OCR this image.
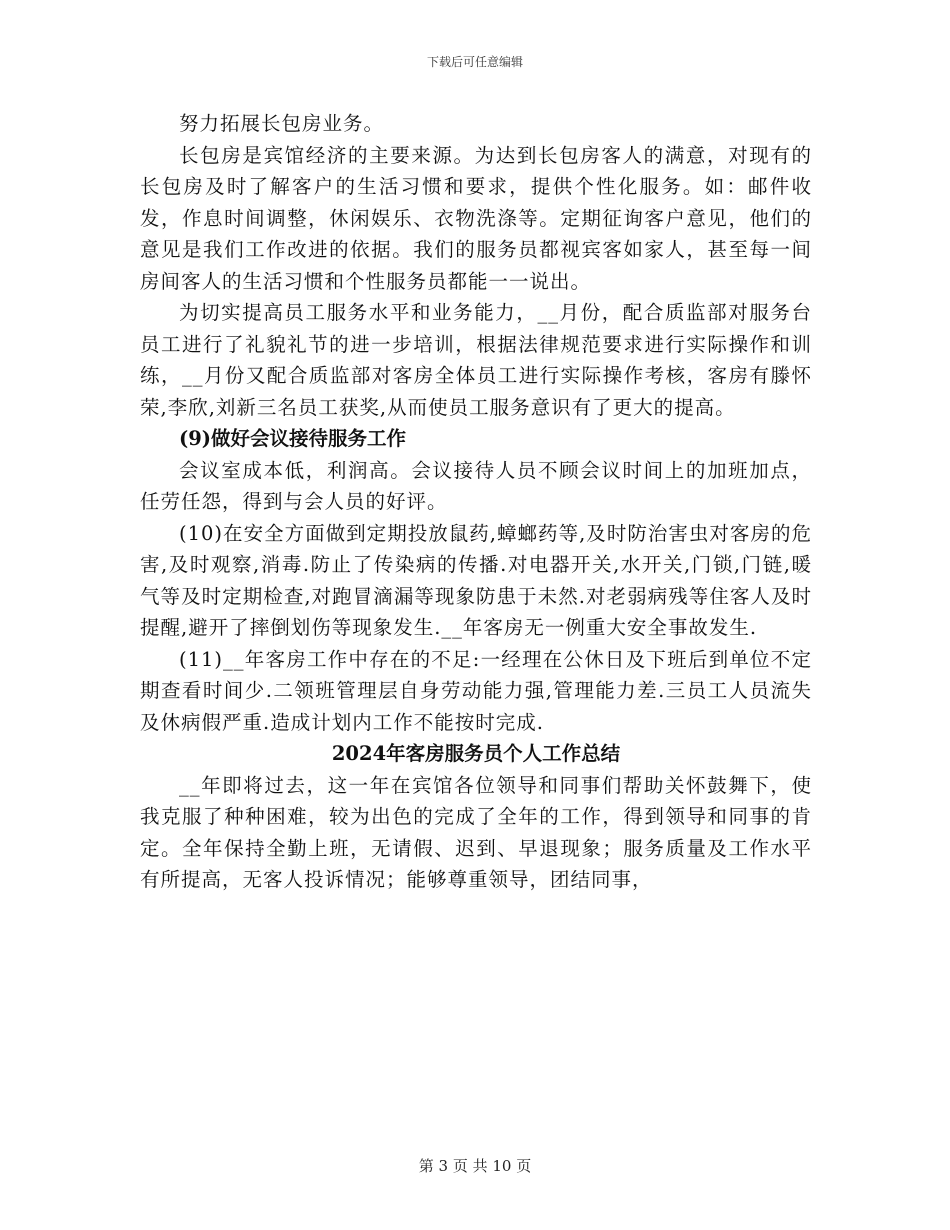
下载后可任意编辑

努力拓展长包房业务。

长包房是宾馆经济的主要来源。为达到长包房客人的满意，对现有的长包房及时了解客户的生活习惯和要求，提供个性化服务。如：邮件收发，作息时间调整，休闲娱乐、衣物洗涤等。定期征询客户意见，他们的意见是我们工作改进的依据。我们的服务员都视宾客如家人，甚至每一间房间客人的生活习惯和个性服务员都能一一说出。

为切实提高员工服务水平和业务能力，__月份，配合质监部对服务台员工进行了礼貌礼节的进一步培训，根据法律规范要求进行实际操作和训练，__月份又配合质监部对客房全体员工进行实际操作考核，客房有滕怀荣,李欣,刘新三名员工获奖,从而使员工服务意识有了更大的提高。

(9)做好会议接待服务工作

会议室成本低，利润高。会议接待人员不顾会议时间上的加班加点，任劳任怨，得到与会人员的好评。

(10)在安全方面做到定期投放鼠药,蟑螂药等,及时防治害虫对客房的危害,及时观察,消毒.防止了传染病的传播.对电器开关,水开关,门锁,门链,暖气等及时定期检查,对跑冒滴漏等现象防患于未然.对老弱病残等住客人及时提醒,避开了摔倒划伤等现象发生.__年客房无一例重大安全事故发生.

(11)__年客房工作中存在的不足:一经理在公休日及下班后到单位不定期查看时间少.二领班管理层自身劳动能力强,管理能力差.三员工人员流失及休病假严重.造成计划内工作不能按时完成.

2024年客房服务员个人工作总结

__年即将过去，这一年在宾馆各位领导和同事们帮助关怀鼓舞下，使我克服了种种困难，较为出色的完成了全年的工作，得到领导和同事的肯定。全年保持全勤上班，无请假、迟到、早退现象；服务质量及工作水平有所提高，无客人投诉情况；能够尊重领导，团结同事，

第 3 页 共 10 页
